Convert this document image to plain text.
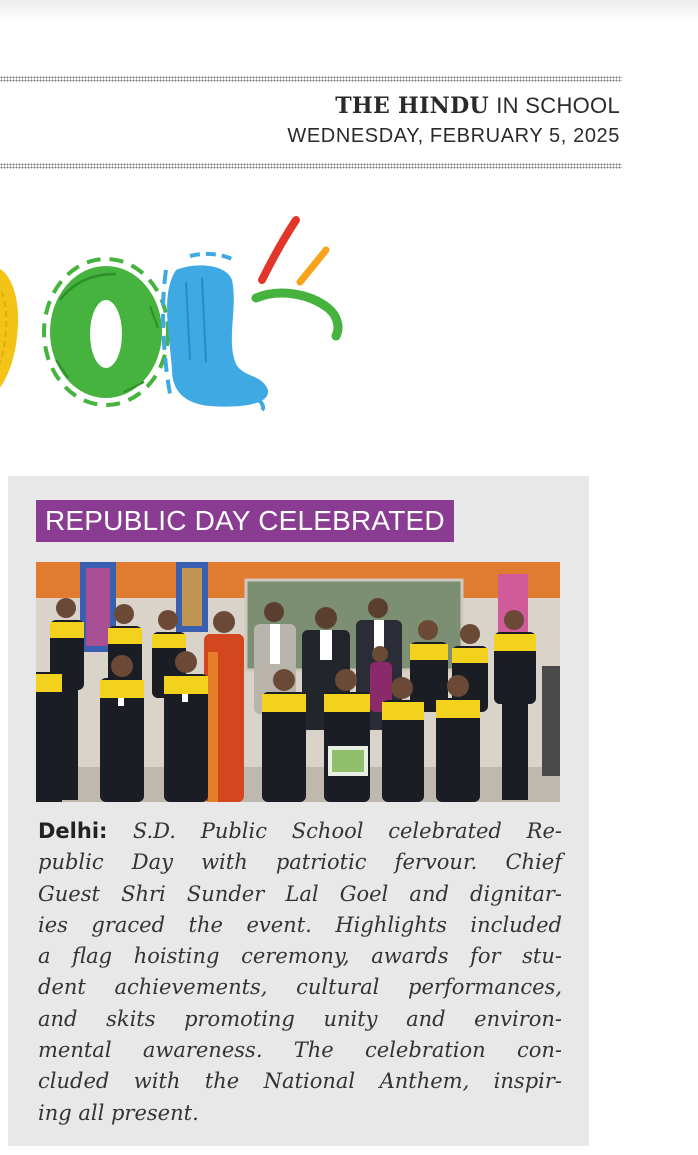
THE HINDU IN SCHOOL
WEDNESDAY, FEBRUARY 5, 2025
REPUBLIC DAY CELEBRATED

Delhi: S.D. Public School celebrated Re-
public Day with patriotic fervour. Chief
Guest Shri Sunder Lal Goel and dignitar-
ies graced the event. Highlights included
a flag hoisting ceremony, awards for stu-
dent achievements, cultural performances,
and skits promoting unity and environ-
mental awareness. The celebration con-
cluded with the National Anthem, inspir-
ing all present.
